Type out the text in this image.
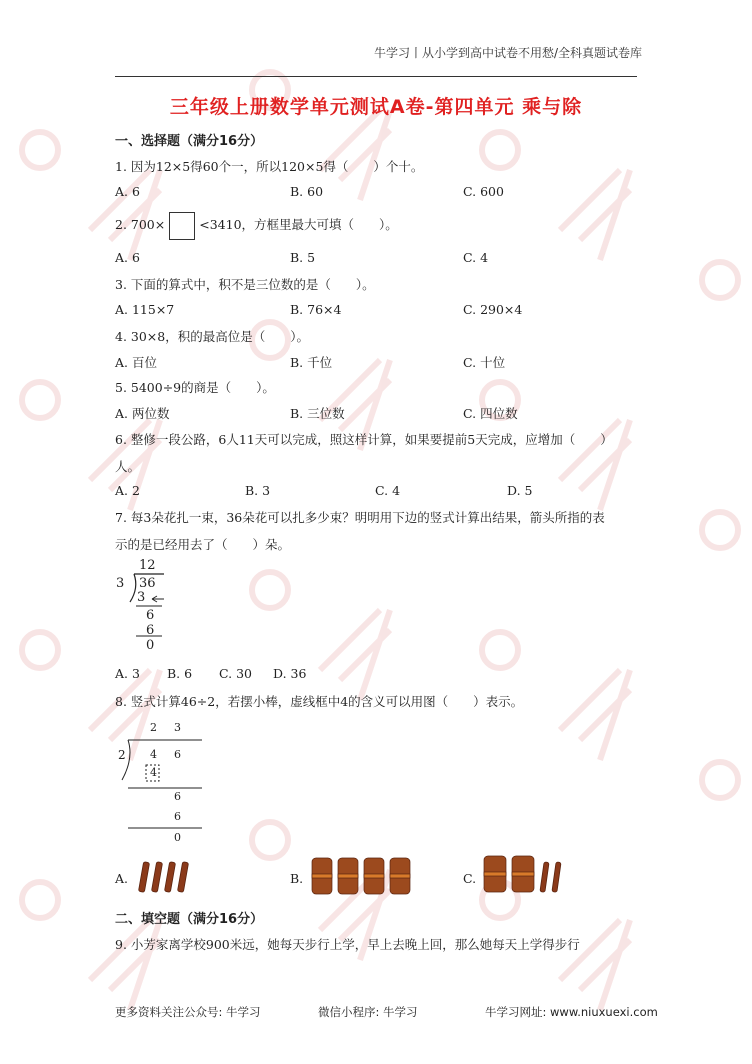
牛学习丨从小学到高中试卷不用愁/全科真题试卷库
三年级上册数学单元测试A卷-第四单元 乘与除
一、选择题（满分16分）
1. 因为12×5得60个一，所以120×5得（　　）个十。
A. 6	B. 60	C. 600
2. 700×	<3410，方框里最大可填（　　）。
A. 6	B. 5	C. 4
3. 下面的算式中，积不是三位数的是（　　）。
A. 115×7	B. 76×4	C. 290×4
4. 30×8，积的最高位是（　　）。
A. 百位	B. 千位	C. 十位
5. 5400÷9的商是（　　）。
A. 两位数	B. 三位数	C. 四位数
6. 整修一段公路，6人11天可以完成，照这样计算，如果要提前5天完成，应增加（　　）
人。
A. 2	B. 3	C. 4	D. 5
7. 每3朵花扎一束，36朵花可以扎多少束？明明用下边的竖式计算出结果，箭头所指的表
示的是已经用去了（　　）朵。
12
3 36
3
6
6
0
A. 3 B. 6 C. 30 D. 36
8. 竖式计算46÷2，若摆小棒，虚线框中4的含义可以用图（　　）表示。
2 3
2 4 6
4
6
6
0
A.	B.	C.
二、填空题（满分16分）
9. 小芳家离学校900米远，她每天步行上学，早上去晚上回，那么她每天上学得步行
更多资料关注公众号: 牛学习	微信小程序: 牛学习	牛学习网址: www.niuxuexi.com
